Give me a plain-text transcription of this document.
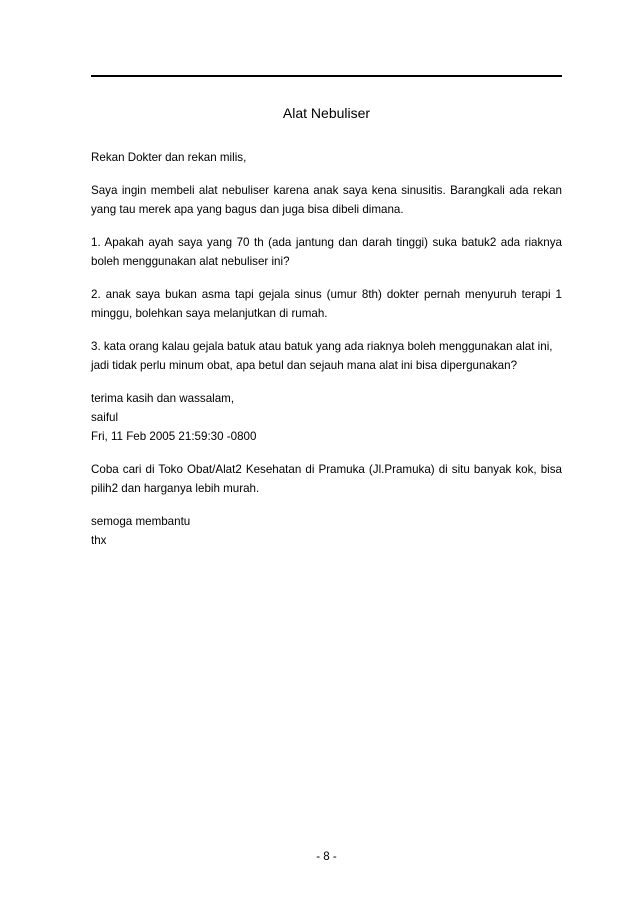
Alat Nebuliser

Rekan Dokter dan rekan milis,

Saya ingin membeli alat nebuliser karena anak saya kena sinusitis. Barangkali ada rekan yang tau merek apa yang bagus dan juga bisa dibeli dimana.

1. Apakah ayah saya yang 70 th (ada jantung dan darah tinggi) suka batuk2 ada riaknya boleh menggunakan alat nebuliser ini?

2. anak saya bukan asma tapi gejala sinus (umur 8th) dokter pernah menyuruh terapi 1 minggu, bolehkan saya melanjutkan di rumah.

3. kata orang kalau gejala batuk atau batuk yang ada riaknya boleh menggunakan alat ini,
jadi tidak perlu minum obat, apa betul dan sejauh mana alat ini bisa dipergunakan?

terima kasih dan wassalam,
saiful
Fri, 11 Feb 2005 21:59:30 -0800

Coba cari di Toko Obat/Alat2 Kesehatan di Pramuka (Jl.Pramuka) di situ banyak kok, bisa pilih2 dan harganya lebih murah.

semoga membantu
thx

- 8 -
